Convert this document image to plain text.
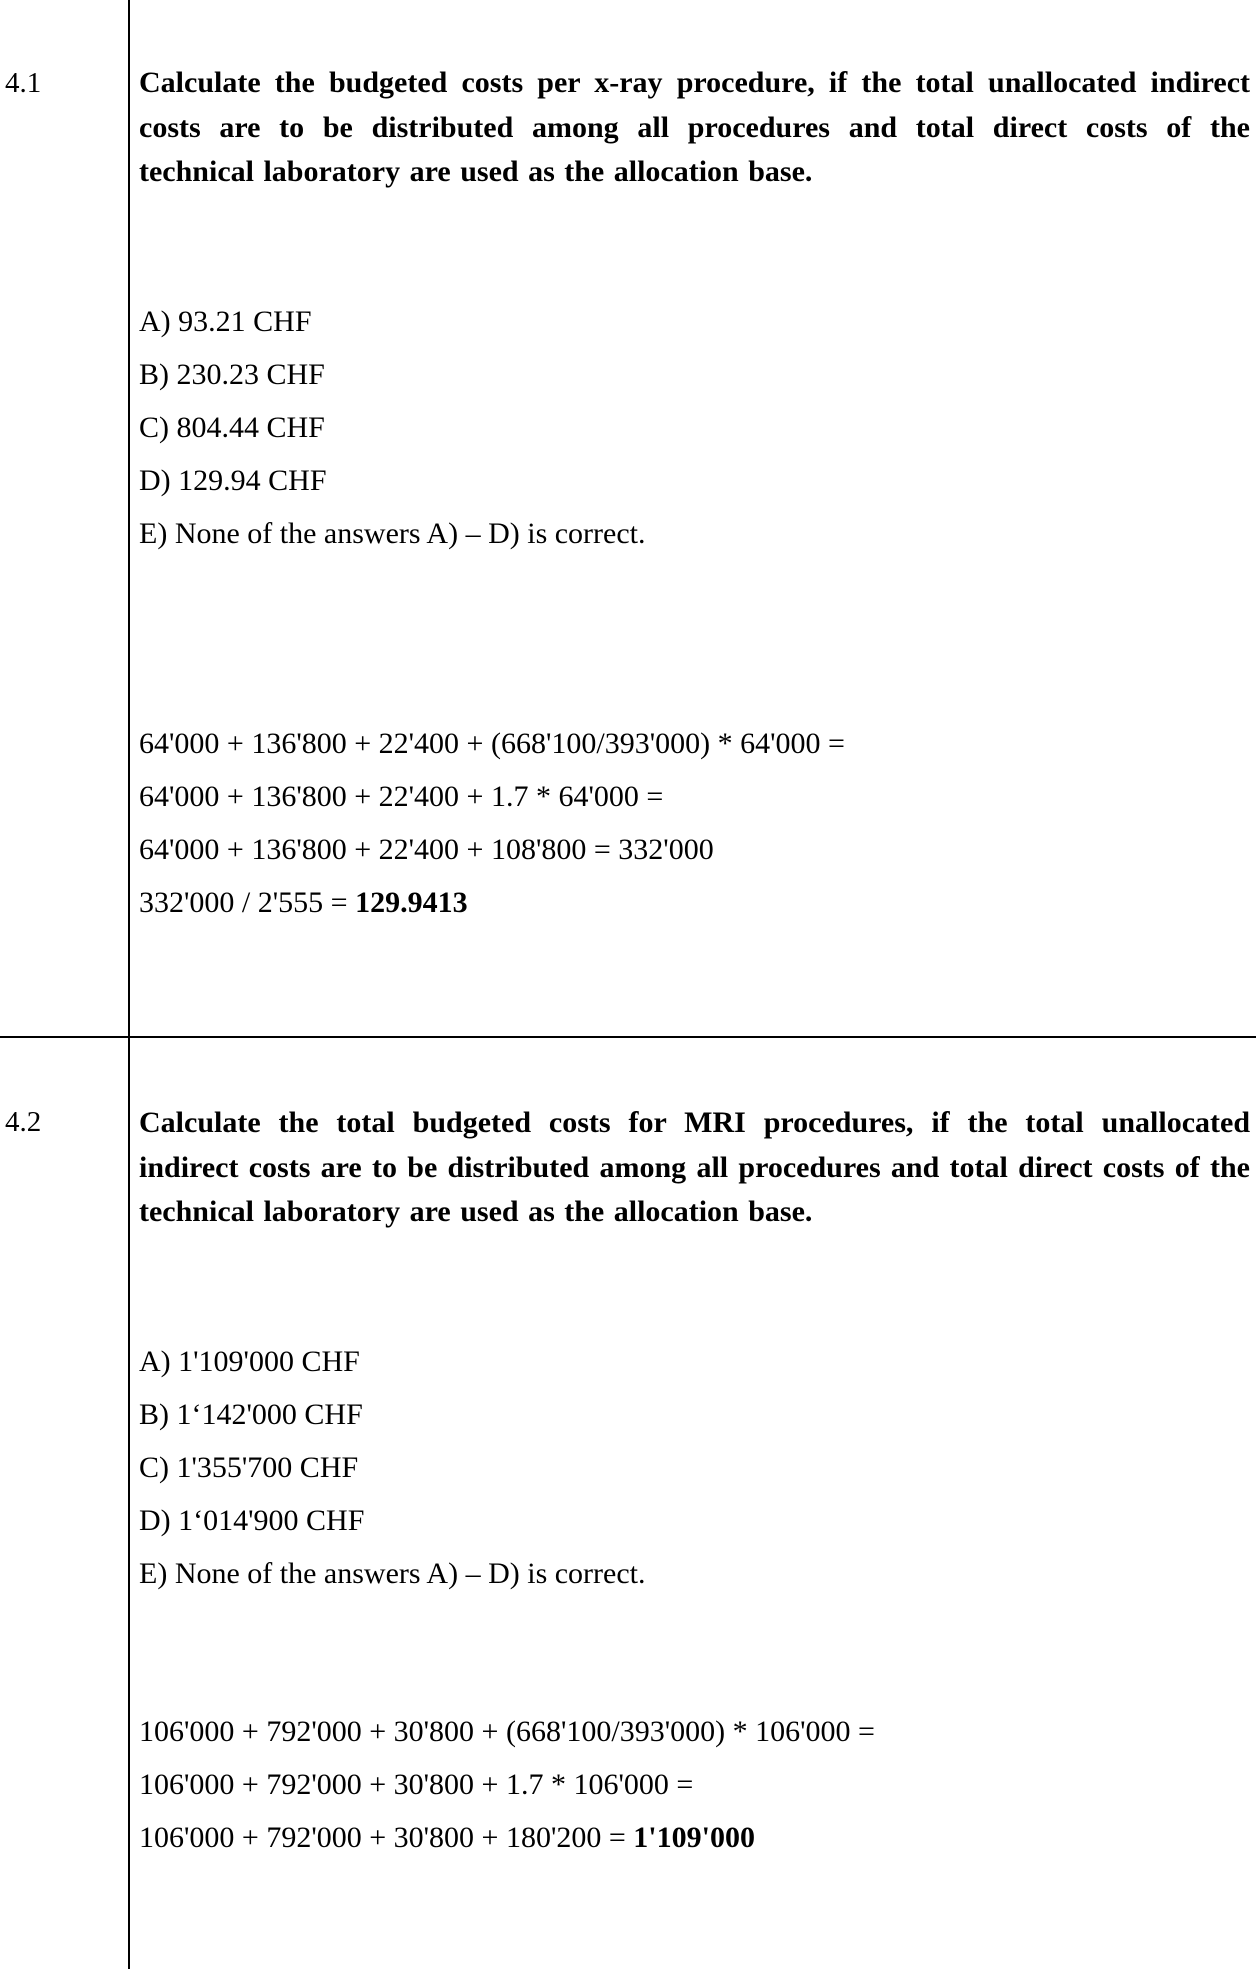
4.1	Calculate the budgeted costs per x-ray procedure, if the total unallocated indirect costs are to be distributed among all procedures and total direct costs of the technical laboratory are used as the allocation base.

A) 93.21 CHF
B) 230.23 CHF
C) 804.44 CHF
D) 129.94 CHF
E) None of the answers A) – D) is correct.
64'000 + 136'800 + 22'400 + (668'100/393'000) * 64'000 =
64'000 + 136'800 + 22'400 + 1.7 * 64'000 =
64'000 + 136'800 + 22'400 + 108'800 = 332'000
332'000 / 2'555 = 129.9413
4.2	Calculate the total budgeted costs for MRI procedures, if the total unallocated indirect costs are to be distributed among all procedures and total direct costs of the technical laboratory are used as the allocation base.

A) 1'109'000 CHF
B) 1‘142'000 CHF
C) 1'355'700 CHF
D) 1‘014'900 CHF
E) None of the answers A) – D) is correct.
106'000 + 792'000 + 30'800 + (668'100/393'000) * 106'000 =
106'000 + 792'000 + 30'800 + 1.7 * 106'000 =
106'000 + 792'000 + 30'800 + 180'200 = 1'109'000
